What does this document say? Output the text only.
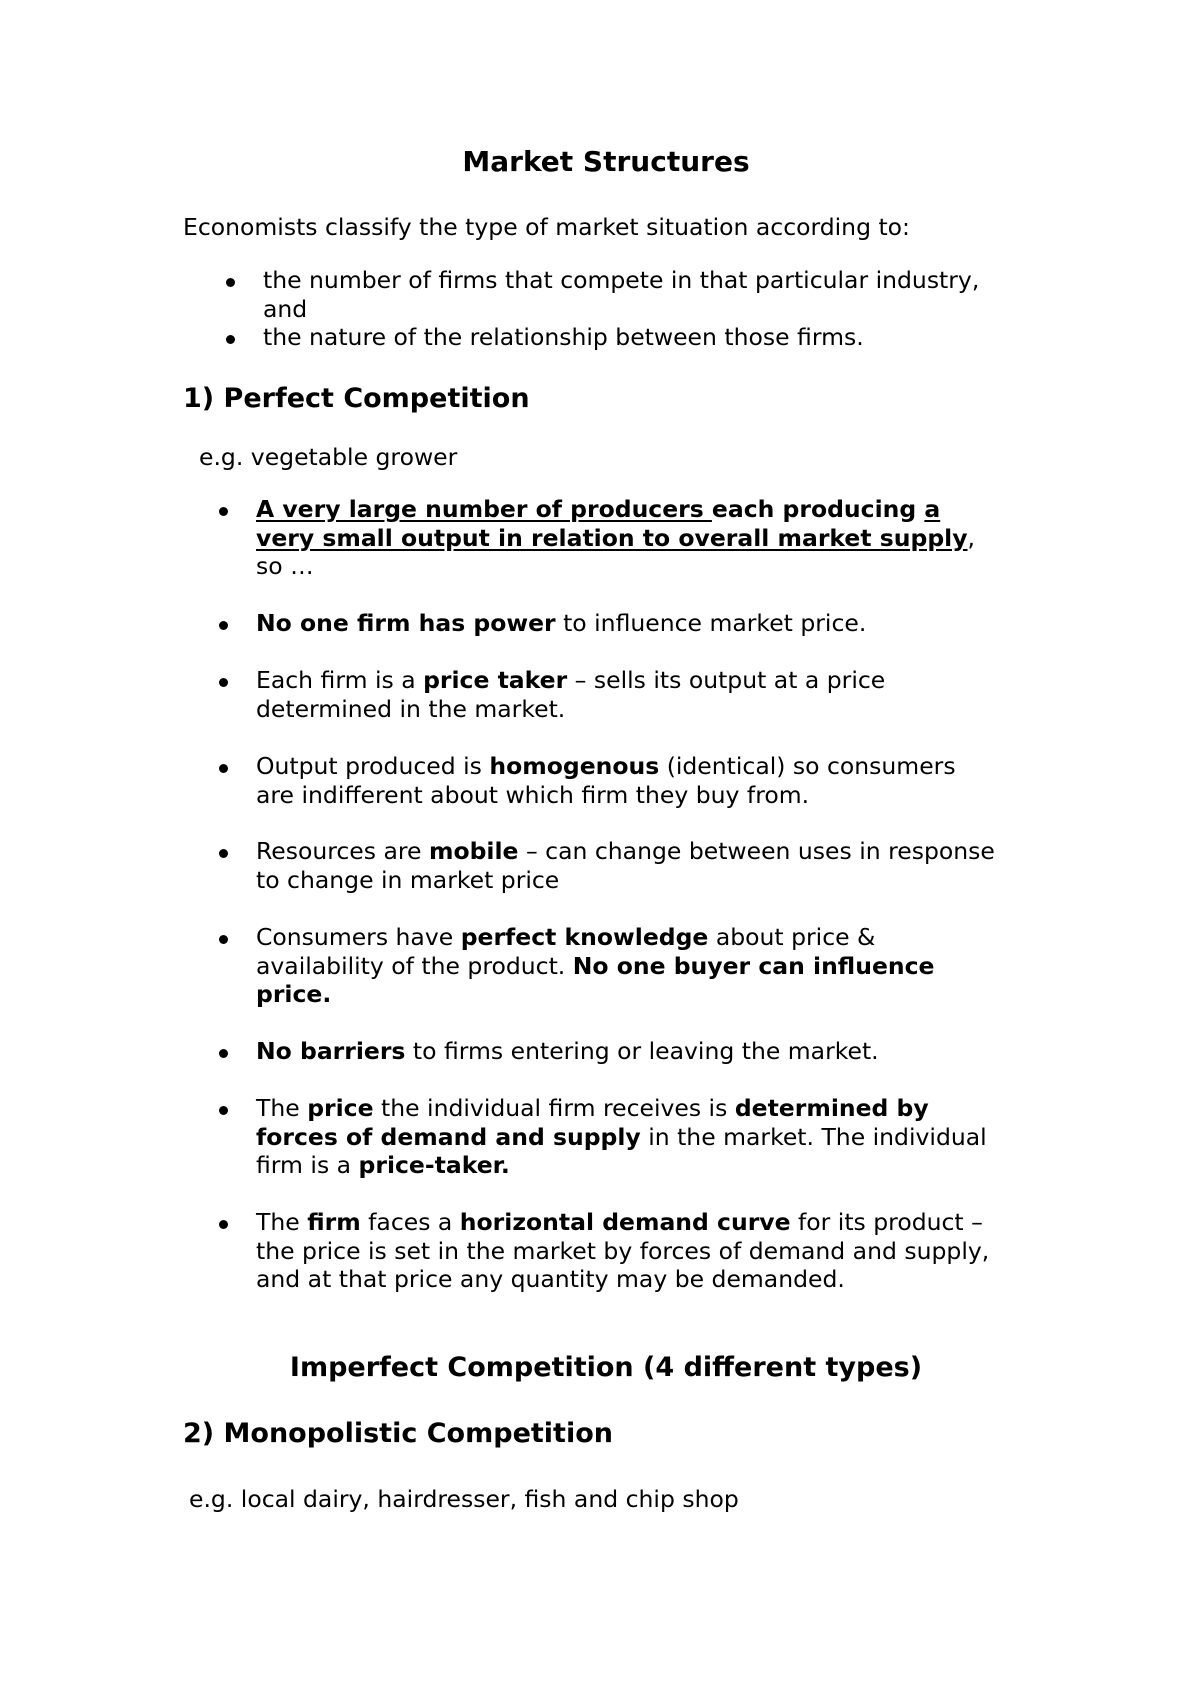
Market Structures

Economists classify the type of market situation according to:

the number of firms that compete in that particular industry,
and
the nature of the relationship between those firms.
1) Perfect Competition

e.g. vegetable grower

A very large number of producers each producing a
very small output in relation to overall market supply,
so …
No one firm has power to influence market price.
Each firm is a price taker – sells its output at a price
determined in the market.
Output produced is homogenous (identical) so consumers
are indifferent about which firm they buy from.
Resources are mobile – can change between uses in response
to change in market price
Consumers have perfect knowledge about price &
availability of the product. No one buyer can influence
price.
No barriers to firms entering or leaving the market.
The price the individual firm receives is determined by
forces of demand and supply in the market. The individual
firm is a price-taker.
The firm faces a horizontal demand curve for its product –
the price is set in the market by forces of demand and supply,
and at that price any quantity may be demanded.
Imperfect Competition (4 different types)
2) Monopolistic Competition

e.g. local dairy, hairdresser, fish and chip shop
